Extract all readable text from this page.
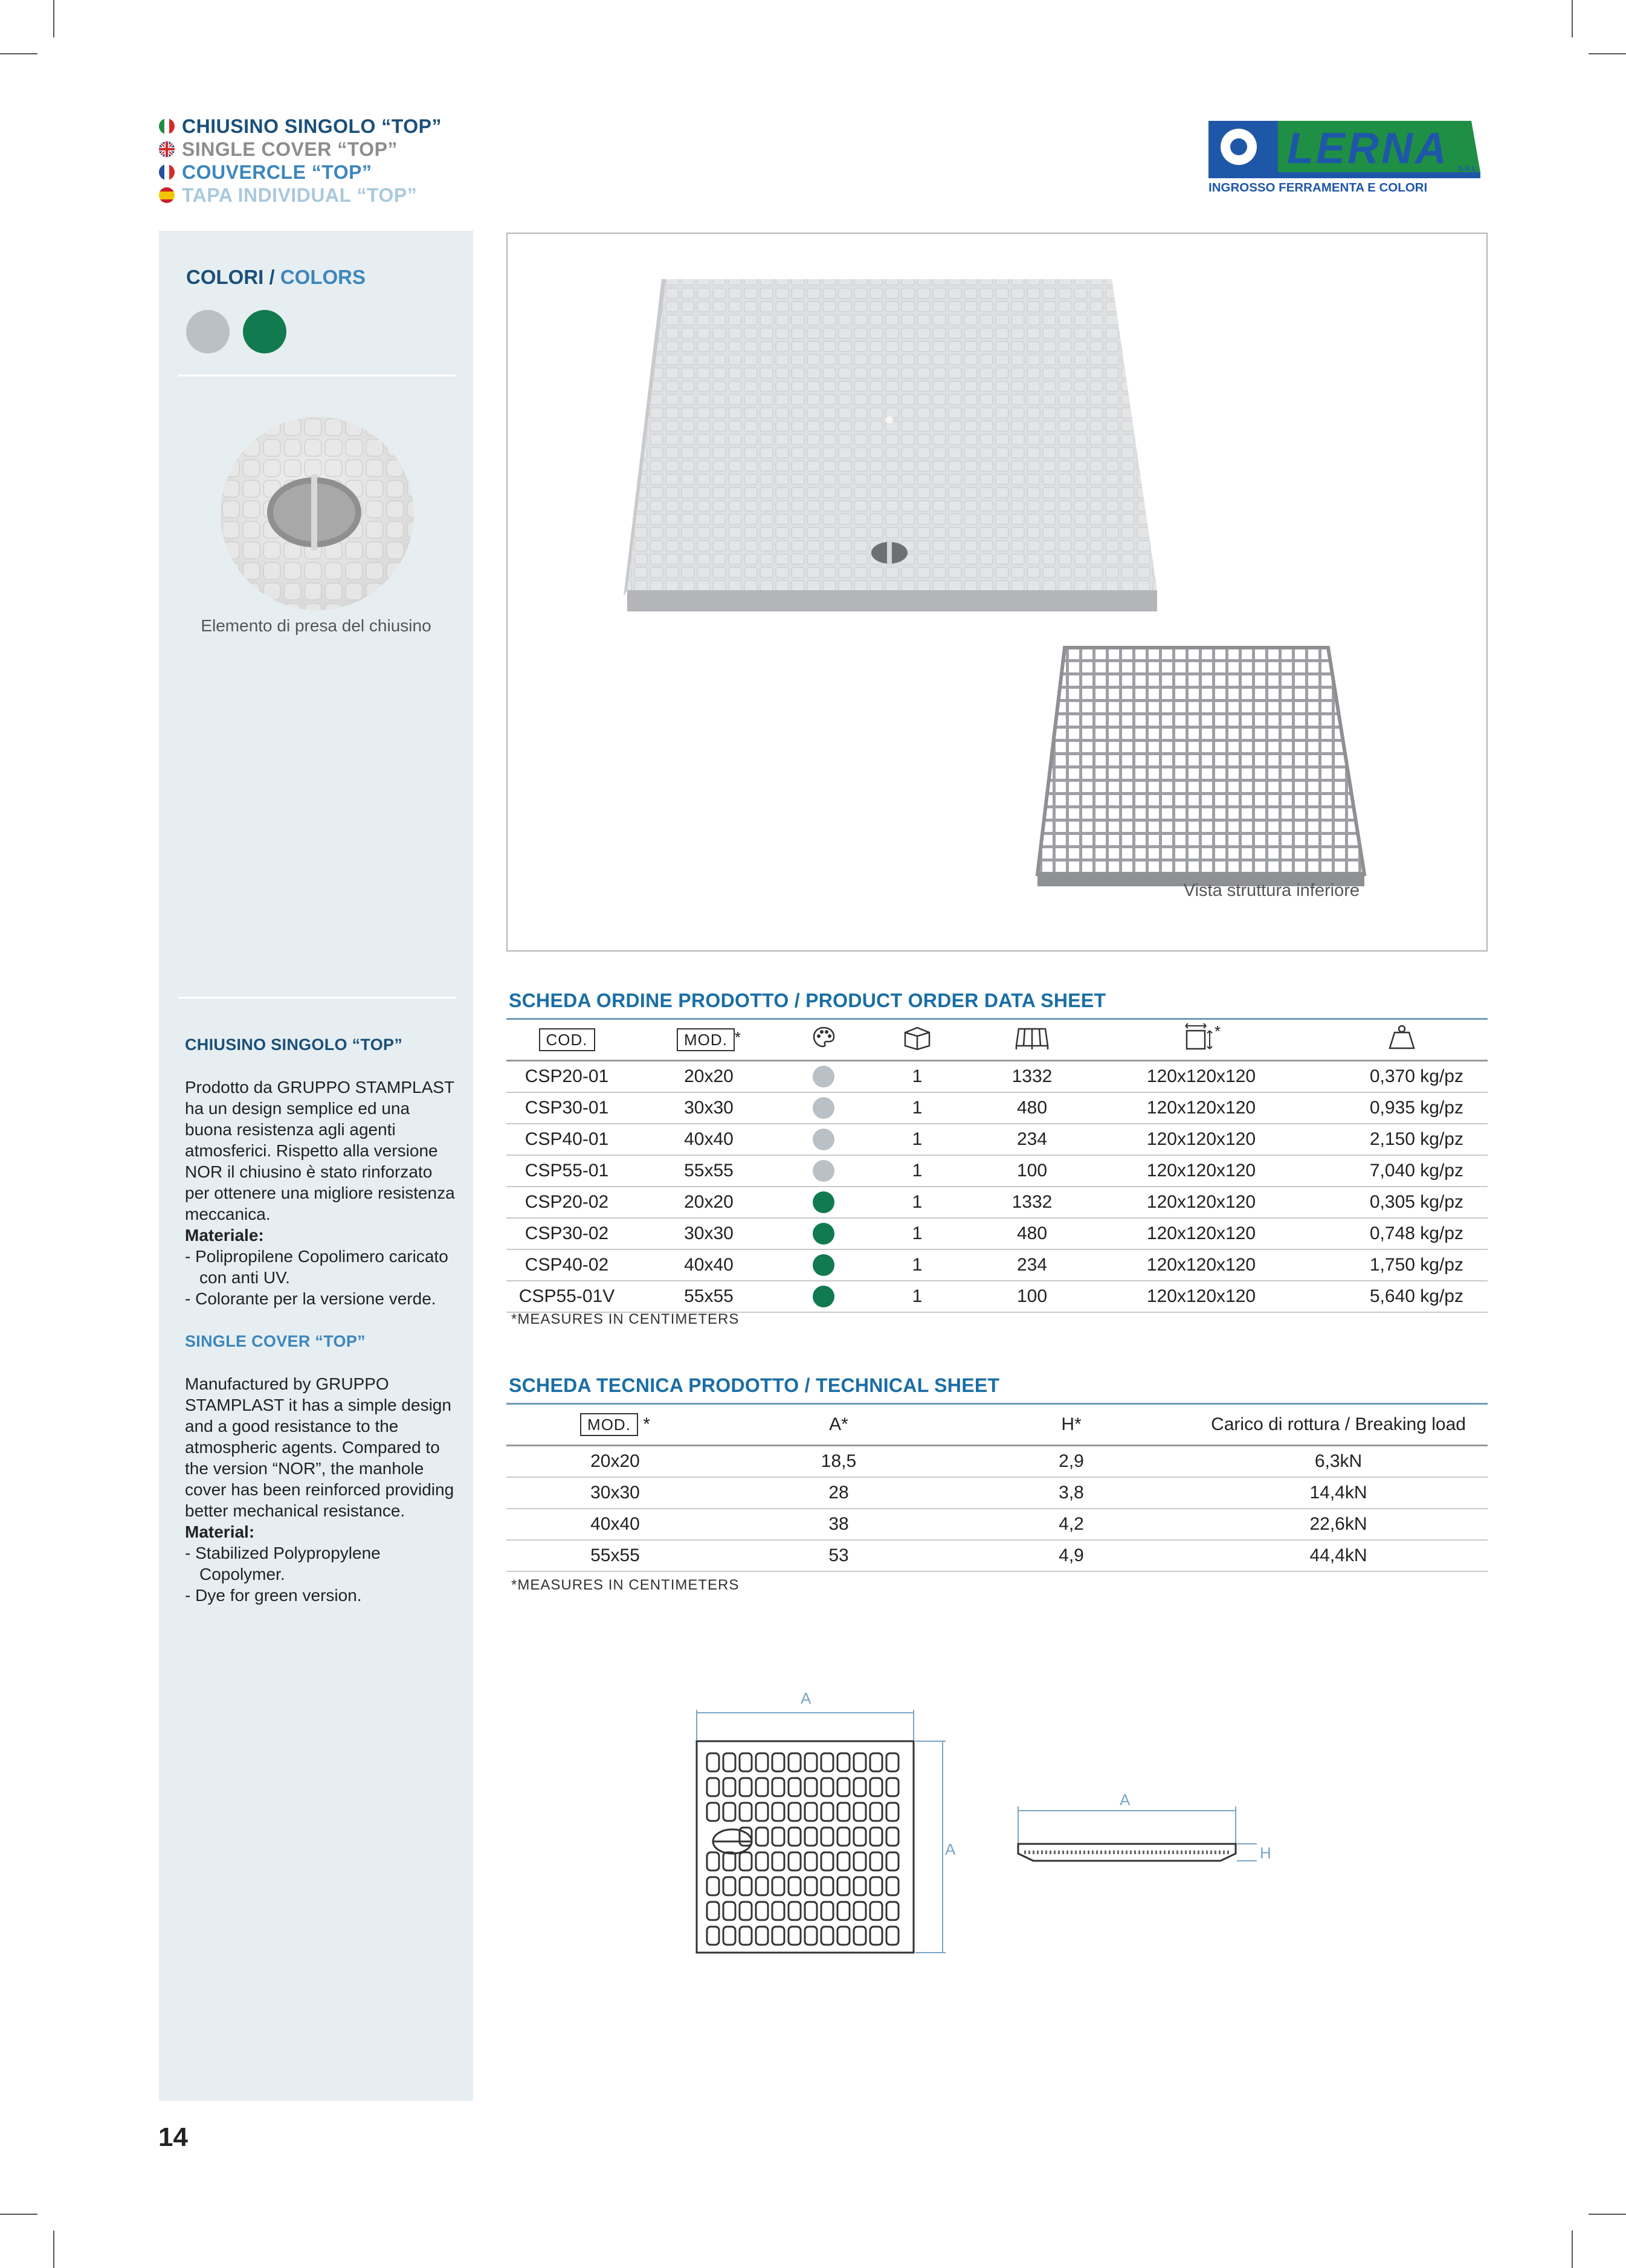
CHIUSINO SINGOLO “TOP”
SINGLE COVER “TOP”
COUVERCLE “TOP”
TAPA INDIVIDUAL “TOP”
LERNA S.R.L.
INGROSSO FERRAMENTA E COLORI
COLORI / COLORS
Elemento di presa del chiusino
CHIUSINO SINGOLO “TOP”

Prodotto da GRUPPO STAMPLAST ha un design semplice ed una buona resistenza agli agenti atmosferici. Rispetto alla versione NOR il chiusino è stato rinforzato per ottenere una migliore resistenza meccanica.

Materiale:

- Polipropilene Copolimero caricato con anti UV.

- Colorante per la versione verde.

SINGLE COVER “TOP”

Manufactured by GRUPPO STAMPLAST it has a simple design and a good resistance to the atmospheric agents. Compared to the version “NOR”, the manhole cover has been reinforced providing better mechanical resistance.

Material:

- Stabilized Polypropylene Copolymer.

- Dye for green version.

Vista struttura inferiore
SCHEDA ORDINE PRODOTTO / PRODUCT ORDER DATA SHEET
COD.	MOD. *				*	
CSP20-01	20x20		1	1332	120x120x120	0,370 kg/pz
CSP30-01	30x30		1	480	120x120x120	0,935 kg/pz
CSP40-01	40x40		1	234	120x120x120	2,150 kg/pz
CSP55-01	55x55		1	100	120x120x120	7,040 kg/pz
CSP20-02	20x20		1	1332	120x120x120	0,305 kg/pz
CSP30-02	30x30		1	480	120x120x120	0,748 kg/pz
CSP40-02	40x40		1	234	120x120x120	1,750 kg/pz
CSP55-01V	55x55		1	100	120x120x120	5,640 kg/pz
*MEASURES IN CENTIMETERS
SCHEDA TECNICA PRODOTTO / TECHNICAL SHEET
MOD. *	A*	H*	Carico di rottura / Breaking load
20x20	18,5	2,9	6,3kN
30x30	28	3,8	14,4kN
40x40	38	4,2	22,6kN
55x55	53	4,9	44,4kN
*MEASURES IN CENTIMETERS
A
A
A
H
14
